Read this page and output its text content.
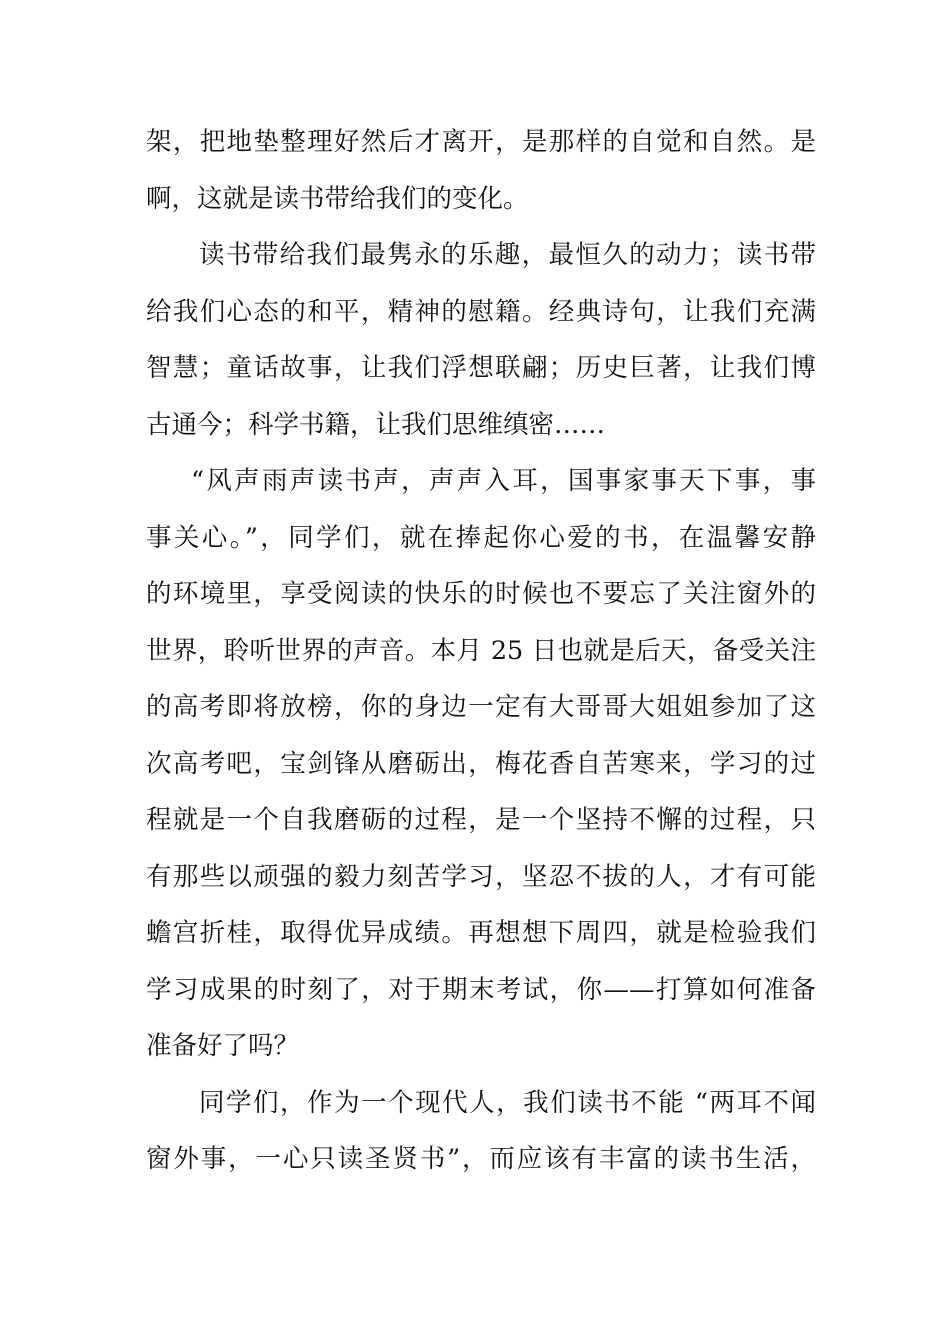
架，把地垫整理好然后才离开，是那样的自觉和自然。是
啊，这就是读书带给我们的变化。
读书带给我们最隽永的乐趣，最恒久的动力；读书带
给我们心态的和平，精神的慰籍。经典诗句，让我们充满
智慧；童话故事，让我们浮想联翩；历史巨著，让我们博
古通今；科学书籍，让我们思维缜密……
“风声雨声读书声，声声入耳，国事家事天下事，事
事关心。”，同学们，就在捧起你心爱的书，在温馨安静
的环境里，享受阅读的快乐的时候也不要忘了关注窗外的
世界，聆听世界的声音。本月 25 日也就是后天，备受关注
的高考即将放榜，你的身边一定有大哥哥大姐姐参加了这
次高考吧，宝剑锋从磨砺出，梅花香自苦寒来，学习的过
程就是一个自我磨砺的过程，是一个坚持不懈的过程，只
有那些以顽强的毅力刻苦学习，坚忍不拔的人，才有可能
蟾宫折桂，取得优异成绩。再想想下周四，就是检验我们
学习成果的时刻了，对于期末考试，你——打算如何准备
准备好了吗？
同学们，作为一个现代人，我们读书不能 “两耳不闻
窗外事，一心只读圣贤书”，而应该有丰富的读书生活，
